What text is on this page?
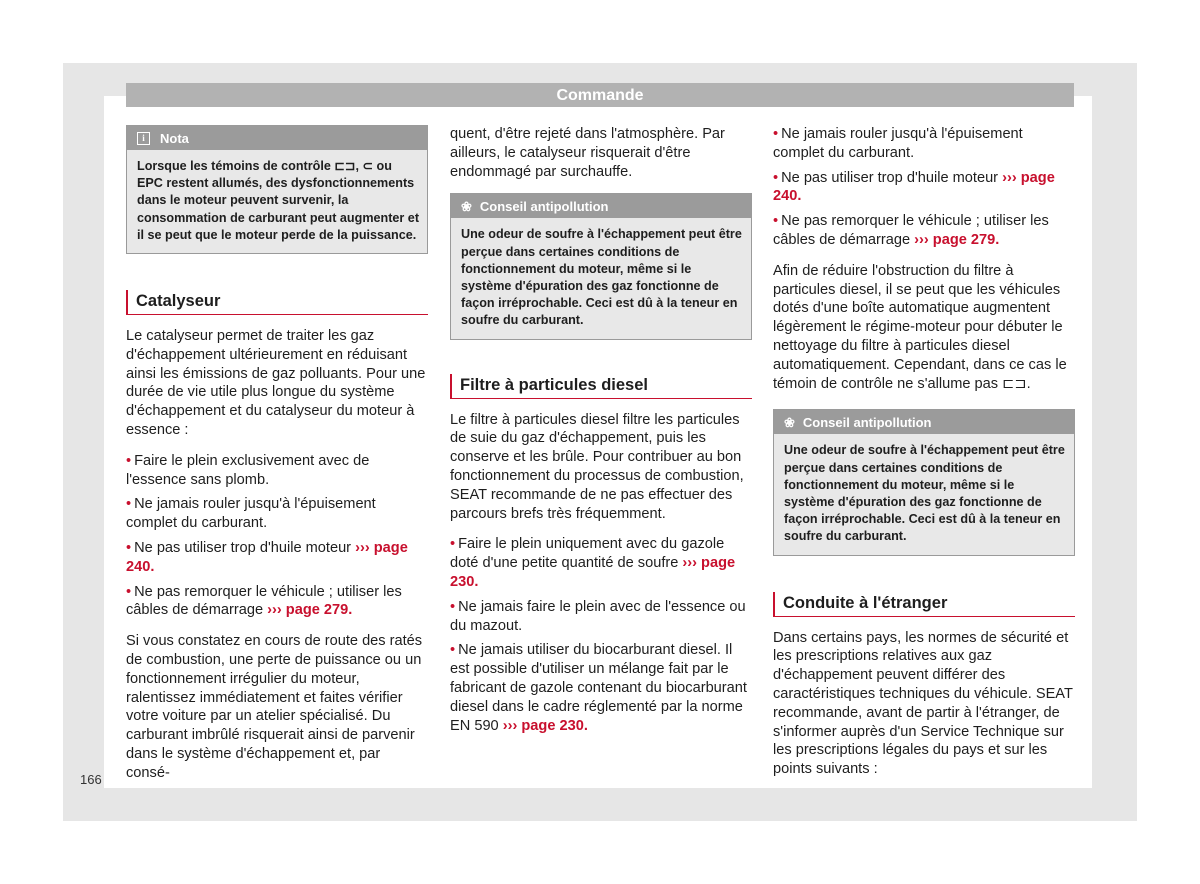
Commande
i	Nota
Lorsque les témoins de contrôle ⊏⊐, ⊂ ou EPC restent allumés, des dysfonctionnements dans le moteur peuvent survenir, la consommation de carburant peut augmenter et il se peut que le moteur perde de la puissance.
Catalyseur

Le catalyseur permet de traiter les gaz d'échappement ultérieurement en réduisant ainsi les émissions de gaz polluants. Pour une durée de vie utile plus longue du système d'échappement et du catalyseur du moteur à essence :

• Faire le plein exclusivement avec de l'essence sans plomb.
• Ne jamais rouler jusqu'à l'épuisement complet du carburant.
• Ne pas utiliser trop d'huile moteur ››› page 240.
• Ne pas remorquer le véhicule ; utiliser les câbles de démarrage ››› page 279.

Si vous constatez en cours de route des ratés de combustion, une perte de puissance ou un fonctionnement irrégulier du moteur, ralentissez immédiatement et faites vérifier votre voiture par un atelier spécialisé. Du carburant imbrûlé risquerait ainsi de parvenir dans le système d'échappement et, par consé-

quent, d'être rejeté dans l'atmosphère. Par ailleurs, le catalyseur risquerait d'être endommagé par surchauffe.

❀ Conseil antipollution
Une odeur de soufre à l'échappement peut être perçue dans certaines conditions de fonctionnement du moteur, même si le système d'épuration des gaz fonctionne de façon irréprochable. Ceci est dû à la teneur en soufre du carburant.
Filtre à particules diesel

Le filtre à particules diesel filtre les particules de suie du gaz d'échappement, puis les conserve et les brûle. Pour contribuer au bon fonctionnement du processus de combustion, SEAT recommande de ne pas effectuer des parcours brefs très fréquemment.

• Faire le plein uniquement avec du gazole doté d'une petite quantité de soufre ››› page 230.
• Ne jamais faire le plein avec de l'essence ou du mazout.
• Ne jamais utiliser du biocarburant diesel. Il est possible d'utiliser un mélange fait par le fabricant de gazole contenant du biocarburant diesel dans le cadre réglementé par la norme EN 590 ››› page 230.
• Ne jamais rouler jusqu'à l'épuisement complet du carburant.
• Ne pas utiliser trop d'huile moteur ››› page 240.
• Ne pas remorquer le véhicule ; utiliser les câbles de démarrage ››› page 279.

Afin de réduire l'obstruction du filtre à particules diesel, il se peut que les véhicules dotés d'une boîte automatique augmentent légèrement le régime-moteur pour débuter le nettoyage du filtre à particules diesel automatiquement. Cependant, dans ce cas le témoin de contrôle ne s'allume pas ⊏⊐.

❀ Conseil antipollution
Une odeur de soufre à l'échappement peut être perçue dans certaines conditions de fonctionnement du moteur, même si le système d'épuration des gaz fonctionne de façon irréprochable. Ceci est dû à la teneur en soufre du carburant.
Conduite à l'étranger

Dans certains pays, les normes de sécurité et les prescriptions relatives aux gaz d'échappement peuvent différer des caractéristiques techniques du véhicule. SEAT recommande, avant de partir à l'étranger, de s'informer auprès d'un Service Technique sur les prescriptions légales du pays et sur les points suivants :

166
